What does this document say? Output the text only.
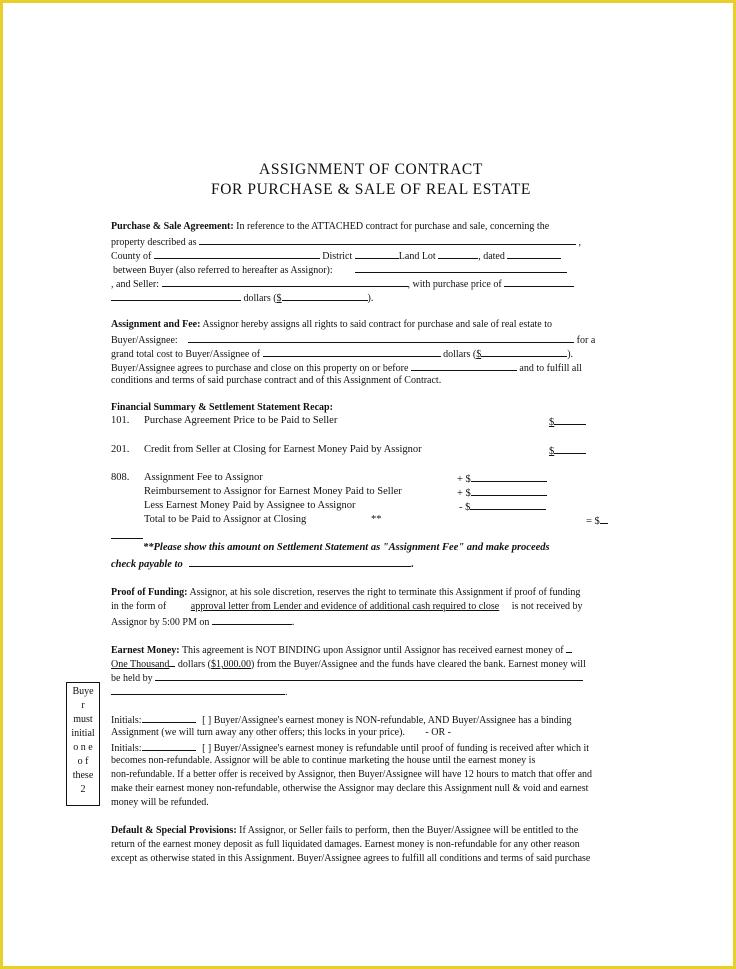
ASSIGNMENT OF CONTRACT
FOR PURCHASE & SALE OF REAL ESTATE
Purchase & Sale Agreement: In reference to the ATTACHED contract for purchase and sale, concerning the
property described as	,
County of	District	Land Lot	, dated
between Buyer (also referred to hereafter as Assignor):
, and Seller:	, with purchase price of
dollars ($	).
Assignment and Fee: Assignor hereby assigns all rights to said contract for purchase and sale of real estate to
Buyer/Assignee:	for a
grand total cost to Buyer/Assignee of	dollars ($	).
Buyer/Assignee agrees to purchase and close on this property on or before	and to fulfill all
conditions and terms of said purchase contract and of this Assignment of Contract.
Financial Summary & Settlement Statement Recap:
101. Purchase Agreement Price to be Paid to Seller	$
201. Credit from Seller at Closing for Earnest Money Paid by Assignor	$
808. Assignment Fee to Assignor	+ $
Reimbursement to Assignor for Earnest Money Paid to Seller	+ $
Less Earnest Money Paid by Assignee to Assignor	- $
Total to be Paid to Assignor at Closing	**	= $
**Please show this amount on Settlement Statement as "Assignment Fee" and make proceeds
check payable to	.
Proof of Funding: Assignor, at his sole discretion, reserves the right to terminate this Assignment if proof of funding
in the form of approval letter from Lender and evidence of additional cash required to close is not received by
Assignor by 5:00 PM on	.
Earnest Money: This agreement is NOT BINDING upon Assignor until Assignor has received earnest money of
One Thousand dollars ($1,000.00) from the Buyer/Assignee and the funds have cleared the bank. Earnest money will
be held by
.
Initials:	[ ] Buyer/Assignee's earnest money is NON-refundable, AND Buyer/Assignee has a binding
Assignment (we will turn away any other offers; this locks in your price). - OR -
Initials:	[ ] Buyer/Assignee's earnest money is refundable until proof of funding is received after which it
becomes non-refundable. Assignor will be able to continue marketing the house until the earnest money is
non-refundable. If a better offer is received by Assignor, then Buyer/Assignee will have 12 hours to match that offer and
make their earnest money non-refundable, otherwise the Assignor may declare this Assignment null & void and earnest
money will be refunded.
Buye
r
must
initial
o n e
o f
these
2
Default & Special Provisions: If Assignor, or Seller fails to perform, then the Buyer/Assignee will be entitled to the
return of the earnest money deposit as full liquidated damages. Earnest money is non-refundable for any other reason
except as otherwise stated in this Assignment. Buyer/Assignee agrees to fulfill all conditions and terms of said purchase
